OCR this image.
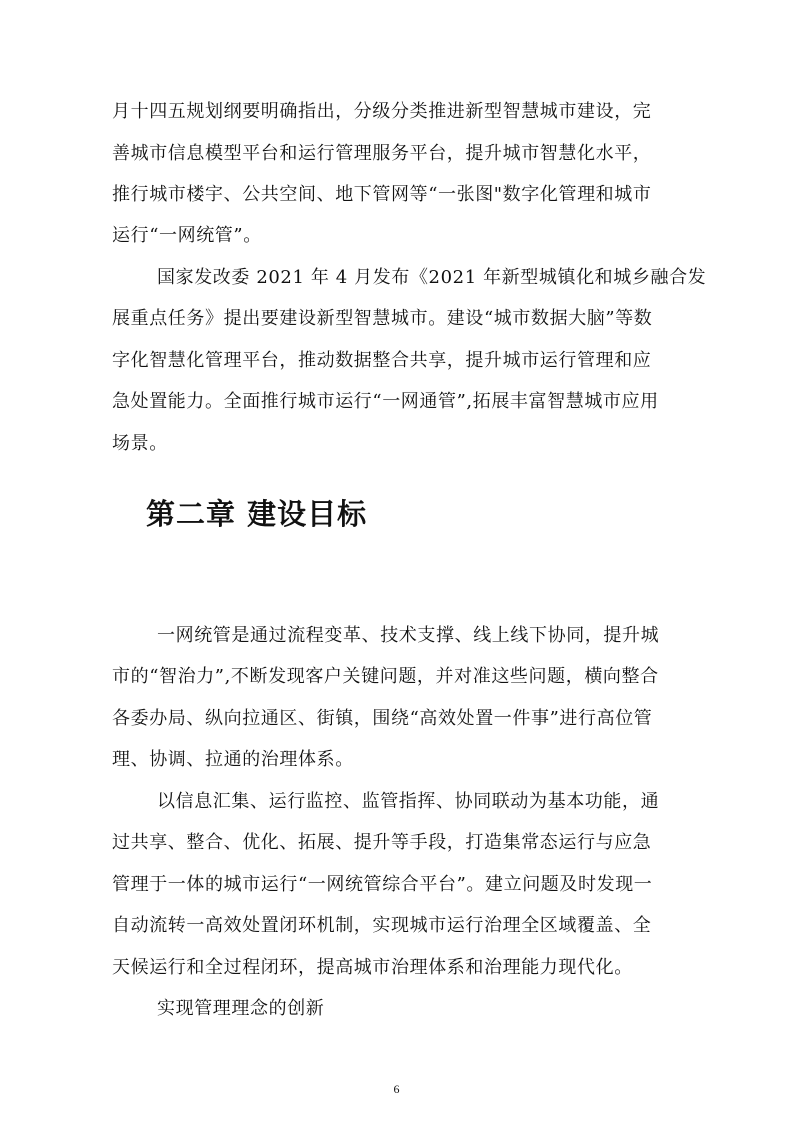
月十四五规划纲要明确指出，分级分类推进新型智慧城市建设，完
善城市信息模型平台和运行管理服务平台，提升城市智慧化水平，
推行城市楼宇、公共空间、地下管网等“一张图"数字化管理和城市
运行“一网统管”。
国家发改委 2021 年 4 月发布《2021 年新型城镇化和城乡融合发
展重点任务》提出要建设新型智慧城市。建设“城市数据大脑”等数
字化智慧化管理平台，推动数据整合共享，提升城市运行管理和应
急处置能力。全面推行城市运行“一网通管”,拓展丰富智慧城市应用
场景。
一网统管是通过流程变革、技术支撑、线上线下协同，提升城
市的“智治力”,不断发现客户关键问题，并对准这些问题，横向整合
各委办局、纵向拉通区、街镇，围绕“高效处置一件事”进行高位管
理、协调、拉通的治理体系。
以信息汇集、运行监控、监管指挥、协同联动为基本功能，通
过共享、整合、优化、拓展、提升等手段，打造集常态运行与应急
管理于一体的城市运行“一网统管综合平台”。建立问题及时发现一
自动流转一高效处置闭环机制，实现城市运行治理全区域覆盖、全
天候运行和全过程闭环，提高城市治理体系和治理能力现代化。
实现管理理念的创新
第二章 建设目标
6
